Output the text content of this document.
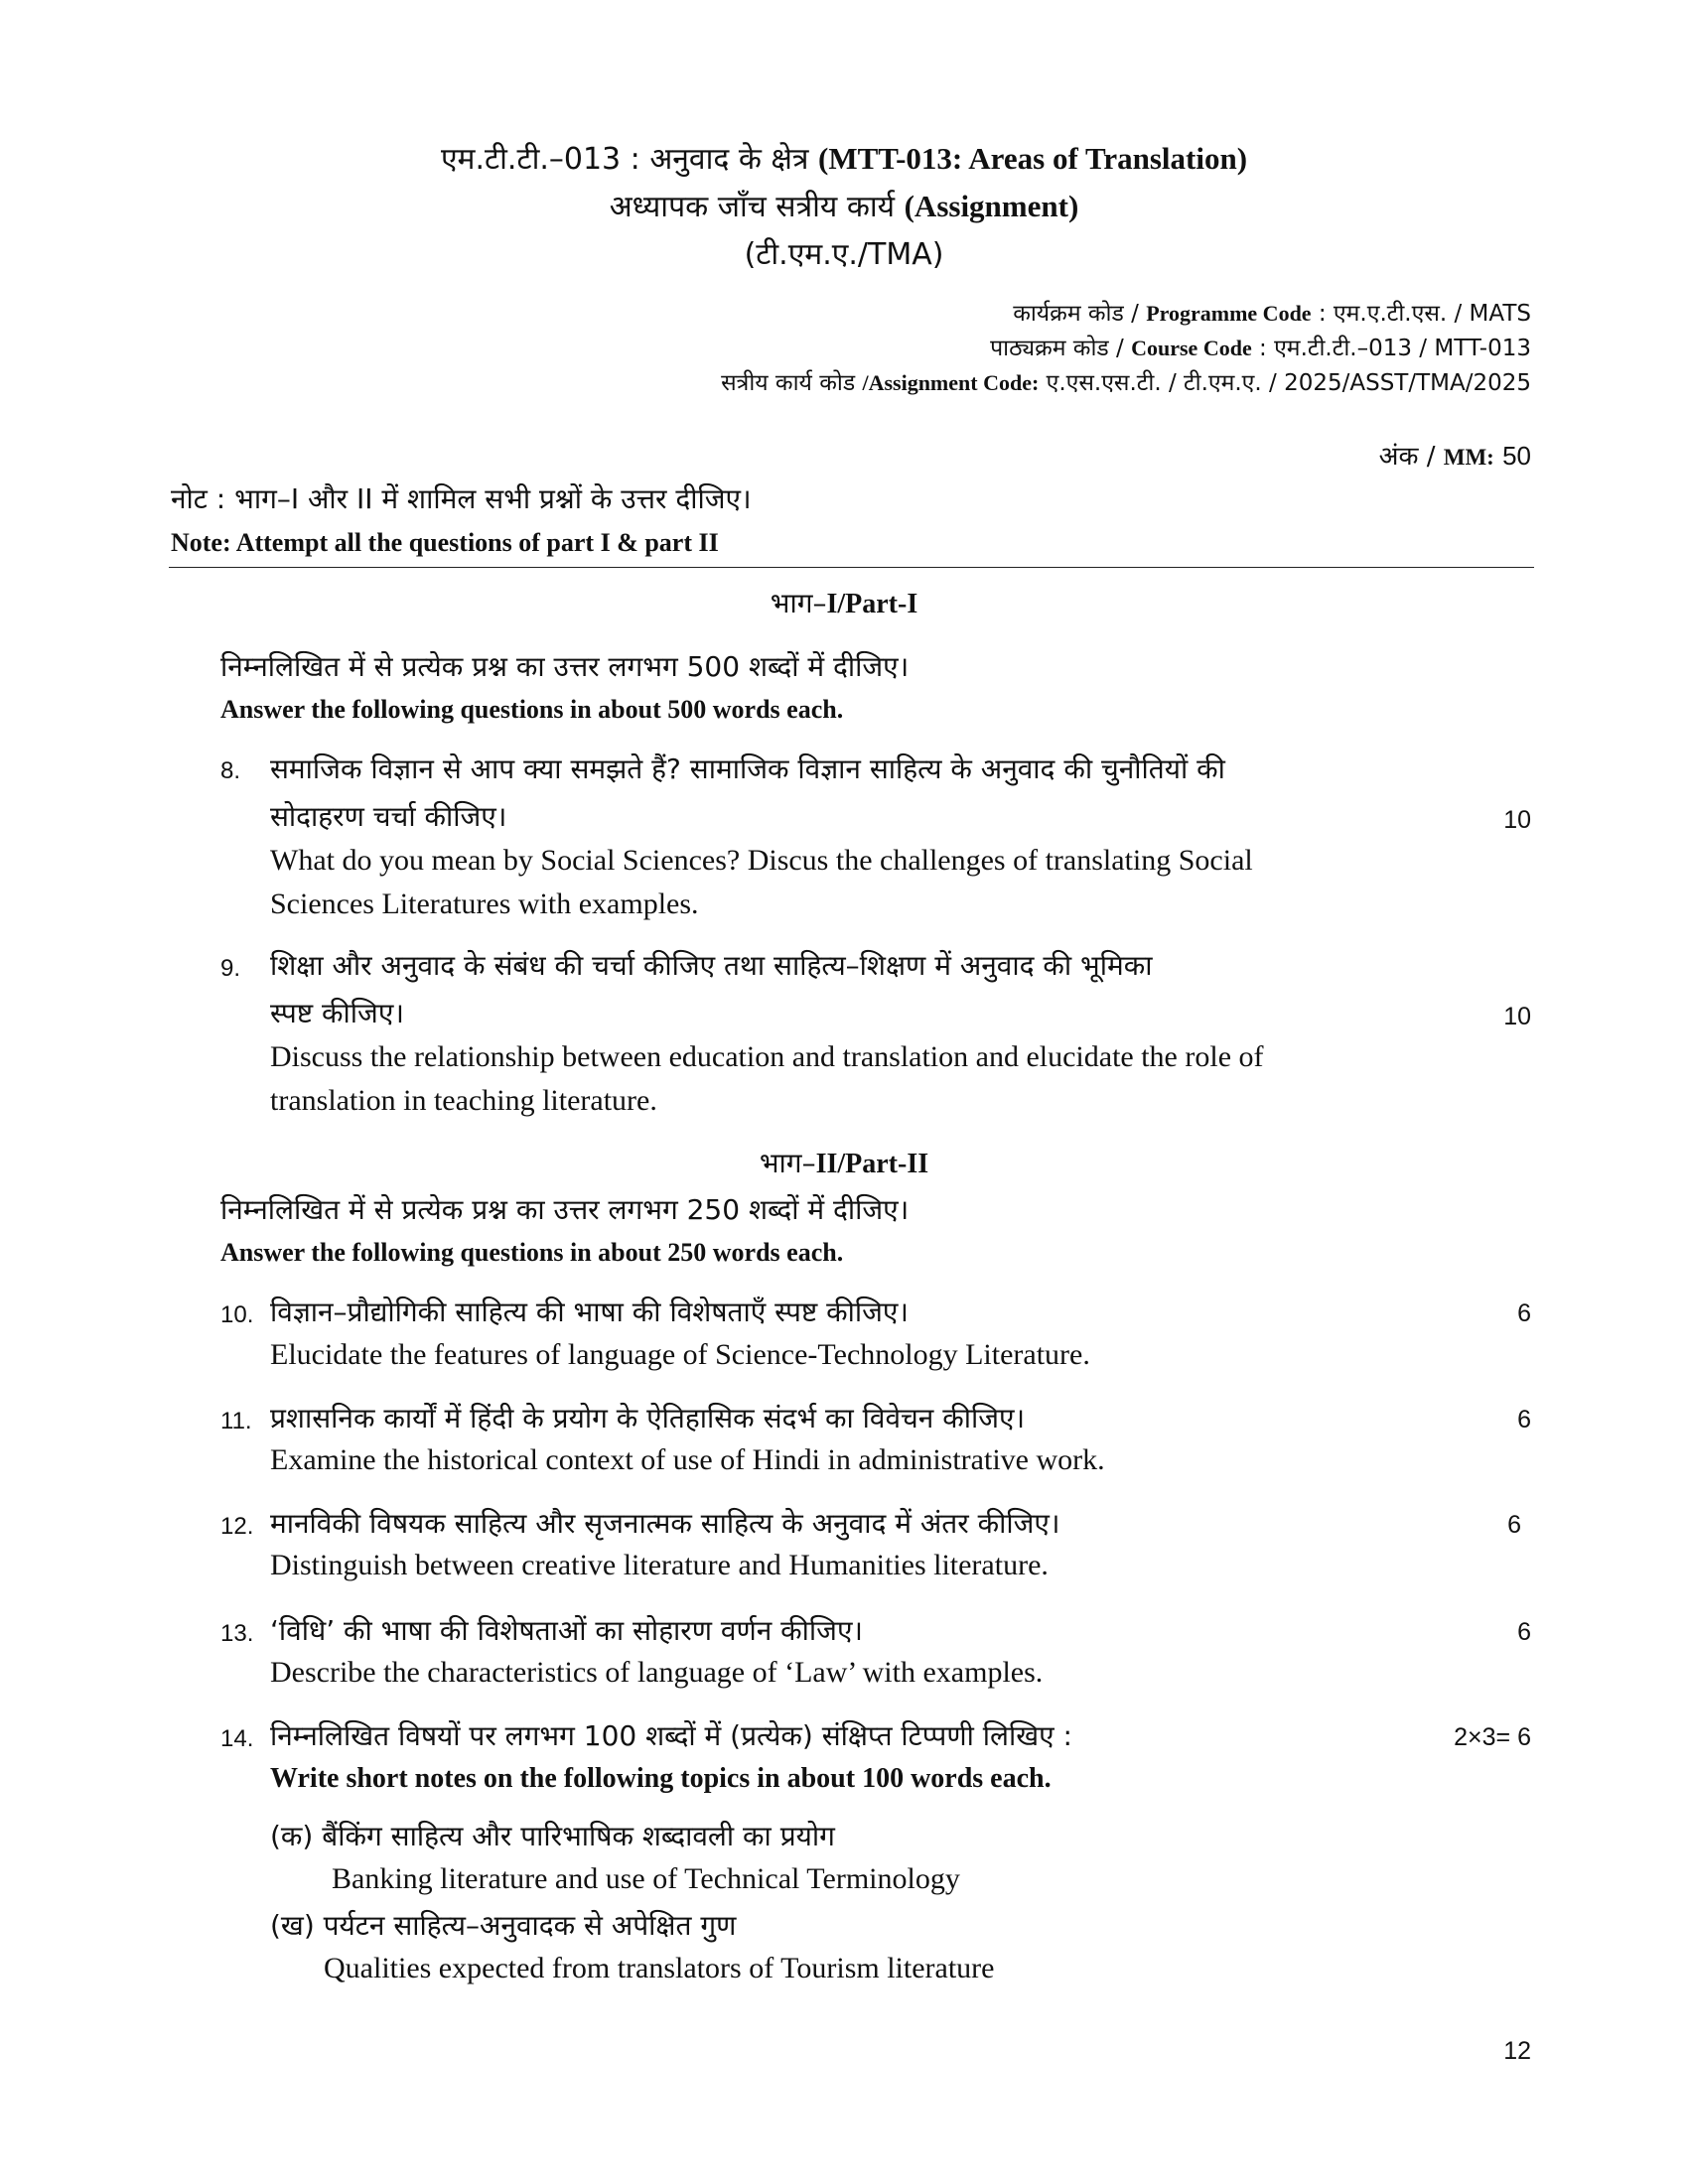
एम.टी.टी.–013 : अनुवाद के क्षेत्र (MTT-013: Areas of Translation)
अध्यापक जाँच सत्रीय कार्य (Assignment)
(टी.एम.ए./TMA)
कार्यक्रम कोड / Programme Code : एम.ए.टी.एस. / MATS
पाठ्यक्रम कोड / Course Code : एम.टी.टी.–013 / MTT-013
सत्रीय कार्य कोड /Assignment Code: ए.एस.एस.टी. / टी.एम.ए. / 2025/ASST/TMA/2025
अंक / MM: 50
नोट : भाग–I और II में शामिल सभी प्रश्नों के उत्तर दीजिए।
Note: Attempt all the questions of part I & part II
भाग–I/Part-I
निम्नलिखित में से प्रत्येक प्रश्न का उत्तर लगभग 500 शब्दों में दीजिए।
Answer the following questions in about 500 words each.
8. समाजिक विज्ञान से आप क्या समझते हैं? सामाजिक विज्ञान साहित्य के अनुवाद की चुनौतियों की
सोदाहरण चर्चा कीजिए।	10
What do you mean by Social Sciences? Discus the challenges of translating Social
Sciences Literatures with examples.
9. शिक्षा और अनुवाद के संबंध की चर्चा कीजिए तथा साहित्य–शिक्षण में अनुवाद की भूमिका
स्पष्ट कीजिए।	10
Discuss the relationship between education and translation and elucidate the role of
translation in teaching literature.
भाग–II/Part-II
निम्नलिखित में से प्रत्येक प्रश्न का उत्तर लगभग 250 शब्दों में दीजिए।
Answer the following questions in about 250 words each.
10. विज्ञान–प्रौद्योगिकी साहित्य की भाषा की विशेषताएँ स्पष्ट कीजिए।	6
Elucidate the features of language of Science-Technology Literature.
11. प्रशासनिक कार्यों में हिंदी के प्रयोग के ऐतिहासिक संदर्भ का विवेचन कीजिए।	6
Examine the historical context of use of Hindi in administrative work.
12. मानविकी विषयक साहित्य और सृजनात्मक साहित्य के अनुवाद में अंतर कीजिए।	6
Distinguish between creative literature and Humanities literature.
13. ‘विधि’ की भाषा की विशेषताओं का सोहारण वर्णन कीजिए।	6
Describe the characteristics of language of ‘Law’ with examples.
14. निम्नलिखित विषयों पर लगभग 100 शब्दों में (प्रत्येक) संक्षिप्त टिप्पणी लिखिए :	2×3= 6
Write short notes on the following topics in about 100 words each.
(क) बैंकिंग साहित्य और पारिभाषिक शब्दावली का प्रयोग
Banking literature and use of Technical Terminology
(ख) पर्यटन साहित्य–अनुवादक से अपेक्षित गुण
Qualities expected from translators of Tourism literature
12
